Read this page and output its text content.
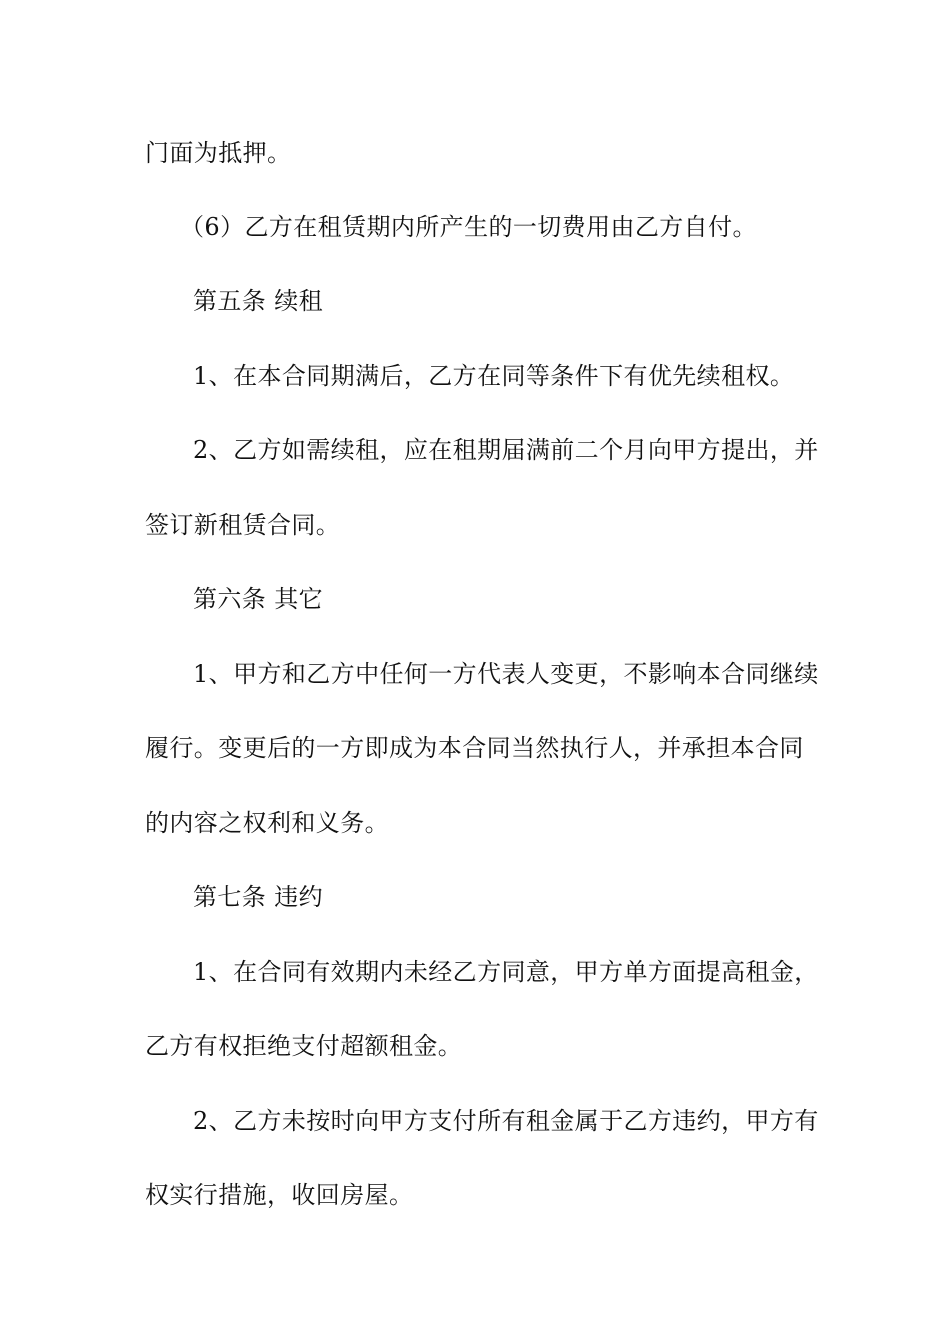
门面为抵押。
（6）乙方在租赁期内所产生的一切费用由乙方自付。
第五条 续租
1、在本合同期满后，乙方在同等条件下有优先续租权。
2、乙方如需续租，应在租期届满前二个月向甲方提出，并
签订新租赁合同。
第六条 其它
1、甲方和乙方中任何一方代表人变更，不影响本合同继续
履行。变更后的一方即成为本合同当然执行人，并承担本合同
的内容之权利和义务。
第七条 违约
1、在合同有效期内未经乙方同意，甲方单方面提高租金，
乙方有权拒绝支付超额租金。
2、乙方未按时向甲方支付所有租金属于乙方违约，甲方有
权实行措施，收回房屋。
